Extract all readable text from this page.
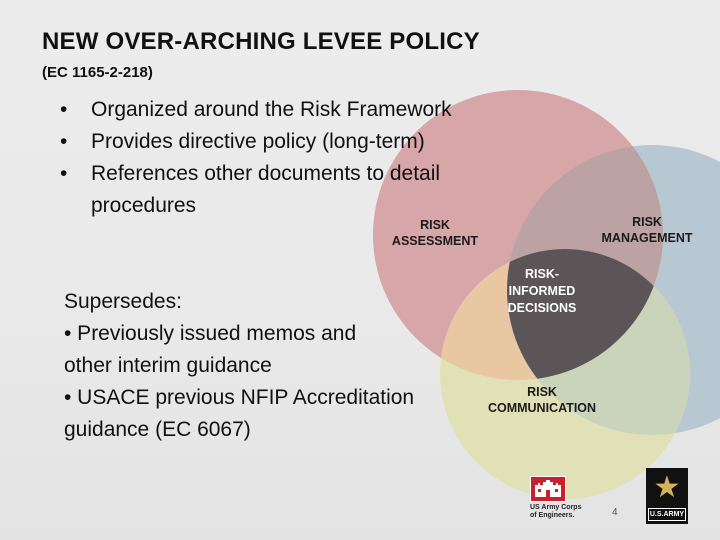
RISK
ASSESSMENT
RISK
MANAGEMENT
RISK
COMMUNICATION
RISK-
INFORMED
DECISIONS
NEW OVER-ARCHING LEVEE POLICY
(EC 1165-2-218)
• Organized around the Risk Framework
• Provides directive policy (long-term)
• References other documents to detail procedures

Supersedes:

• Previously issued memos and

other interim guidance

• USACE previous NFIP Accreditation

guidance (EC 6067)

US Army Corps
of Engineers.	4
★
U.S.ARMY
